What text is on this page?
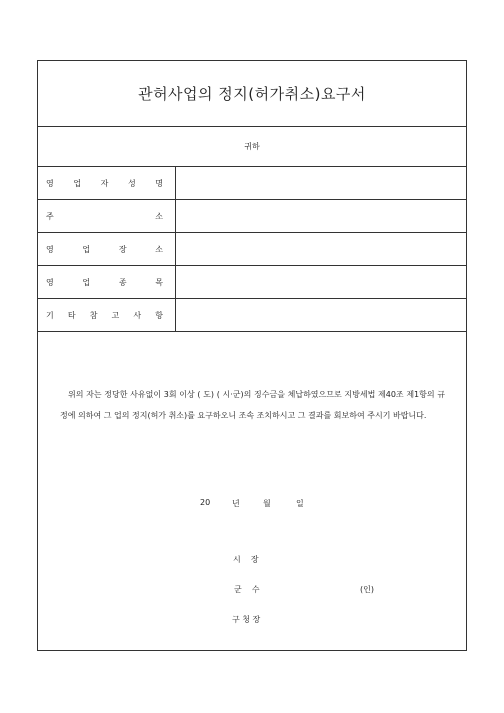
관허사업의 정지(허가취소)요구서
귀하
영 업 자 성 명
주	소
영	업	장	소
영	업	종	목
기 타 참 고 사 항

위의 자는 정당한 사유없이 3회 이상 ( 도) ( 시·군)의 징수금을 체납하였으므로 지방세법 제40조 제1항의 규정에 의하여 그 업의 정지(허가 취소)를 요구하오니 조속 조치하시고 그 결과를 회보하여 주시기 바랍니다.

20	년	월	일
시    장
군    수	(인)
구 청 장
